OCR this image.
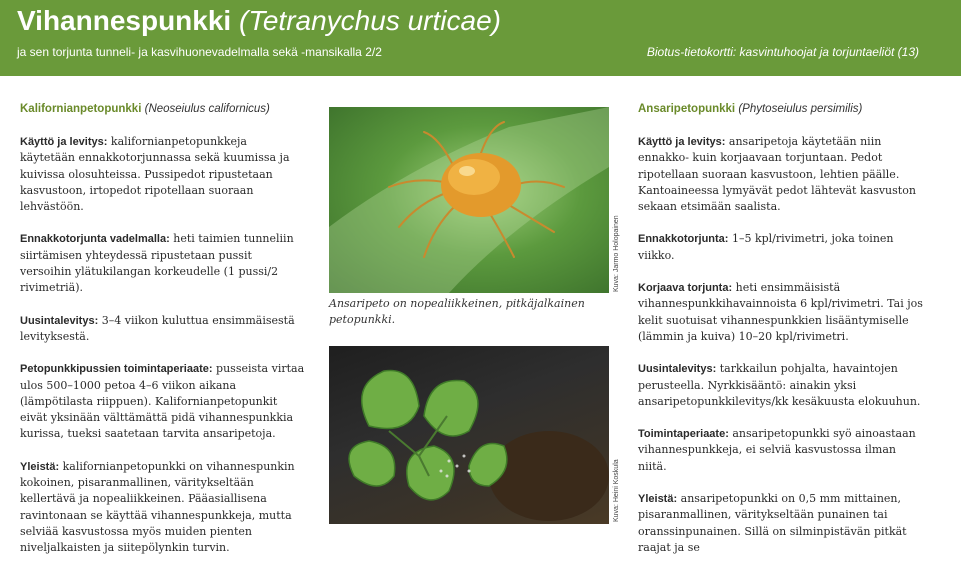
Vihannespunkki (Tetranychus urticae)
ja sen torjunta tunneli- ja kasvihuonevadelmalla sekä -mansikalla 2/2	Biotus-tietokortti: kasvintuhoojat ja torjuntaeliöt (13)
Kalifornianpetopunkki (Neoseiulus californicus)

Käyttö ja levitys: kalifornianpetopunkkeja käytetään ennakkotorjunnassa sekä kuumissa ja kuivissa olosuhteissa. Pussipedot ripustetaan kasvustoon, irtopedot ripotellaan suoraan lehvästöön.

Ennakkotorjunta vadelmalla: heti taimien tunneliin siirtämisen yhteydessä ripustetaan pussit versoihin ylätukilangan korkeudelle (1 pussi/2 rivimetriä).

Uusintalevitys: 3–4 viikon kuluttua ensimmäisestä levityksestä.

Petopunkkipussien toimintaperiaate: pusseista virtaa ulos 500–1000 petoa 4–6 viikon aikana (lämpötilasta riippuen). Kalifornianpetopunkit eivät yksinään välttämättä pidä vihannespunkkia kurissa, tueksi saatetaan tarvita ansaripetoja.

Yleistä: kalifornianpetopunkki on vihannespunkin kokoinen, pisaranmallinen, väritykseltään kellertävä ja nopealiikkeinen. Pääasiallisena ravintonaan se käyttää vihannespunkkeja, mutta selviää kasvustossa myös muiden pienten niveljalkaisten ja siitepölynkin turvin.

Kuva: Jarmo Holopainen
Ansaripeto on nopealiikkeinen, pitkäjalkainen petopunkki.
Kuva: Heini Koskula
Ansaripetopunkki (Phytoseiulus persimilis)

Käyttö ja levitys: ansaripetoja käytetään niin ennakko- kuin korjaavaan torjuntaan. Pedot ripotellaan suoraan kasvustoon, lehtien päälle. Kantoaineessa lymyävät pedot lähtevät kasvuston sekaan etsimään saalista.

Ennakkotorjunta: 1–5 kpl/rivimetri, joka toinen viikko.

Korjaava torjunta: heti ensimmäisistä vihannespunkkihavainnoista 6 kpl/rivimetri. Tai jos kelit suotuisat vihannespunkkien lisääntymiselle (lämmin ja kuiva) 10–20 kpl/rivimetri.

Uusintalevitys: tarkkailun pohjalta, havaintojen perusteella. Nyrkkisääntö: ainakin yksi ansaripetopunkkilevitys/kk kesäkuusta elokuuhun.

Toimintaperiaate: ansaripetopunkki syö ainoastaan vihannespunkkeja, ei selviä kasvustossa ilman niitä.

Yleistä: ansaripetopunkki on 0,5 mm mittainen, pisaranmallinen, väritykseltään punainen tai oranssinpunainen. Sillä on silminpistävän pitkät raajat ja se
